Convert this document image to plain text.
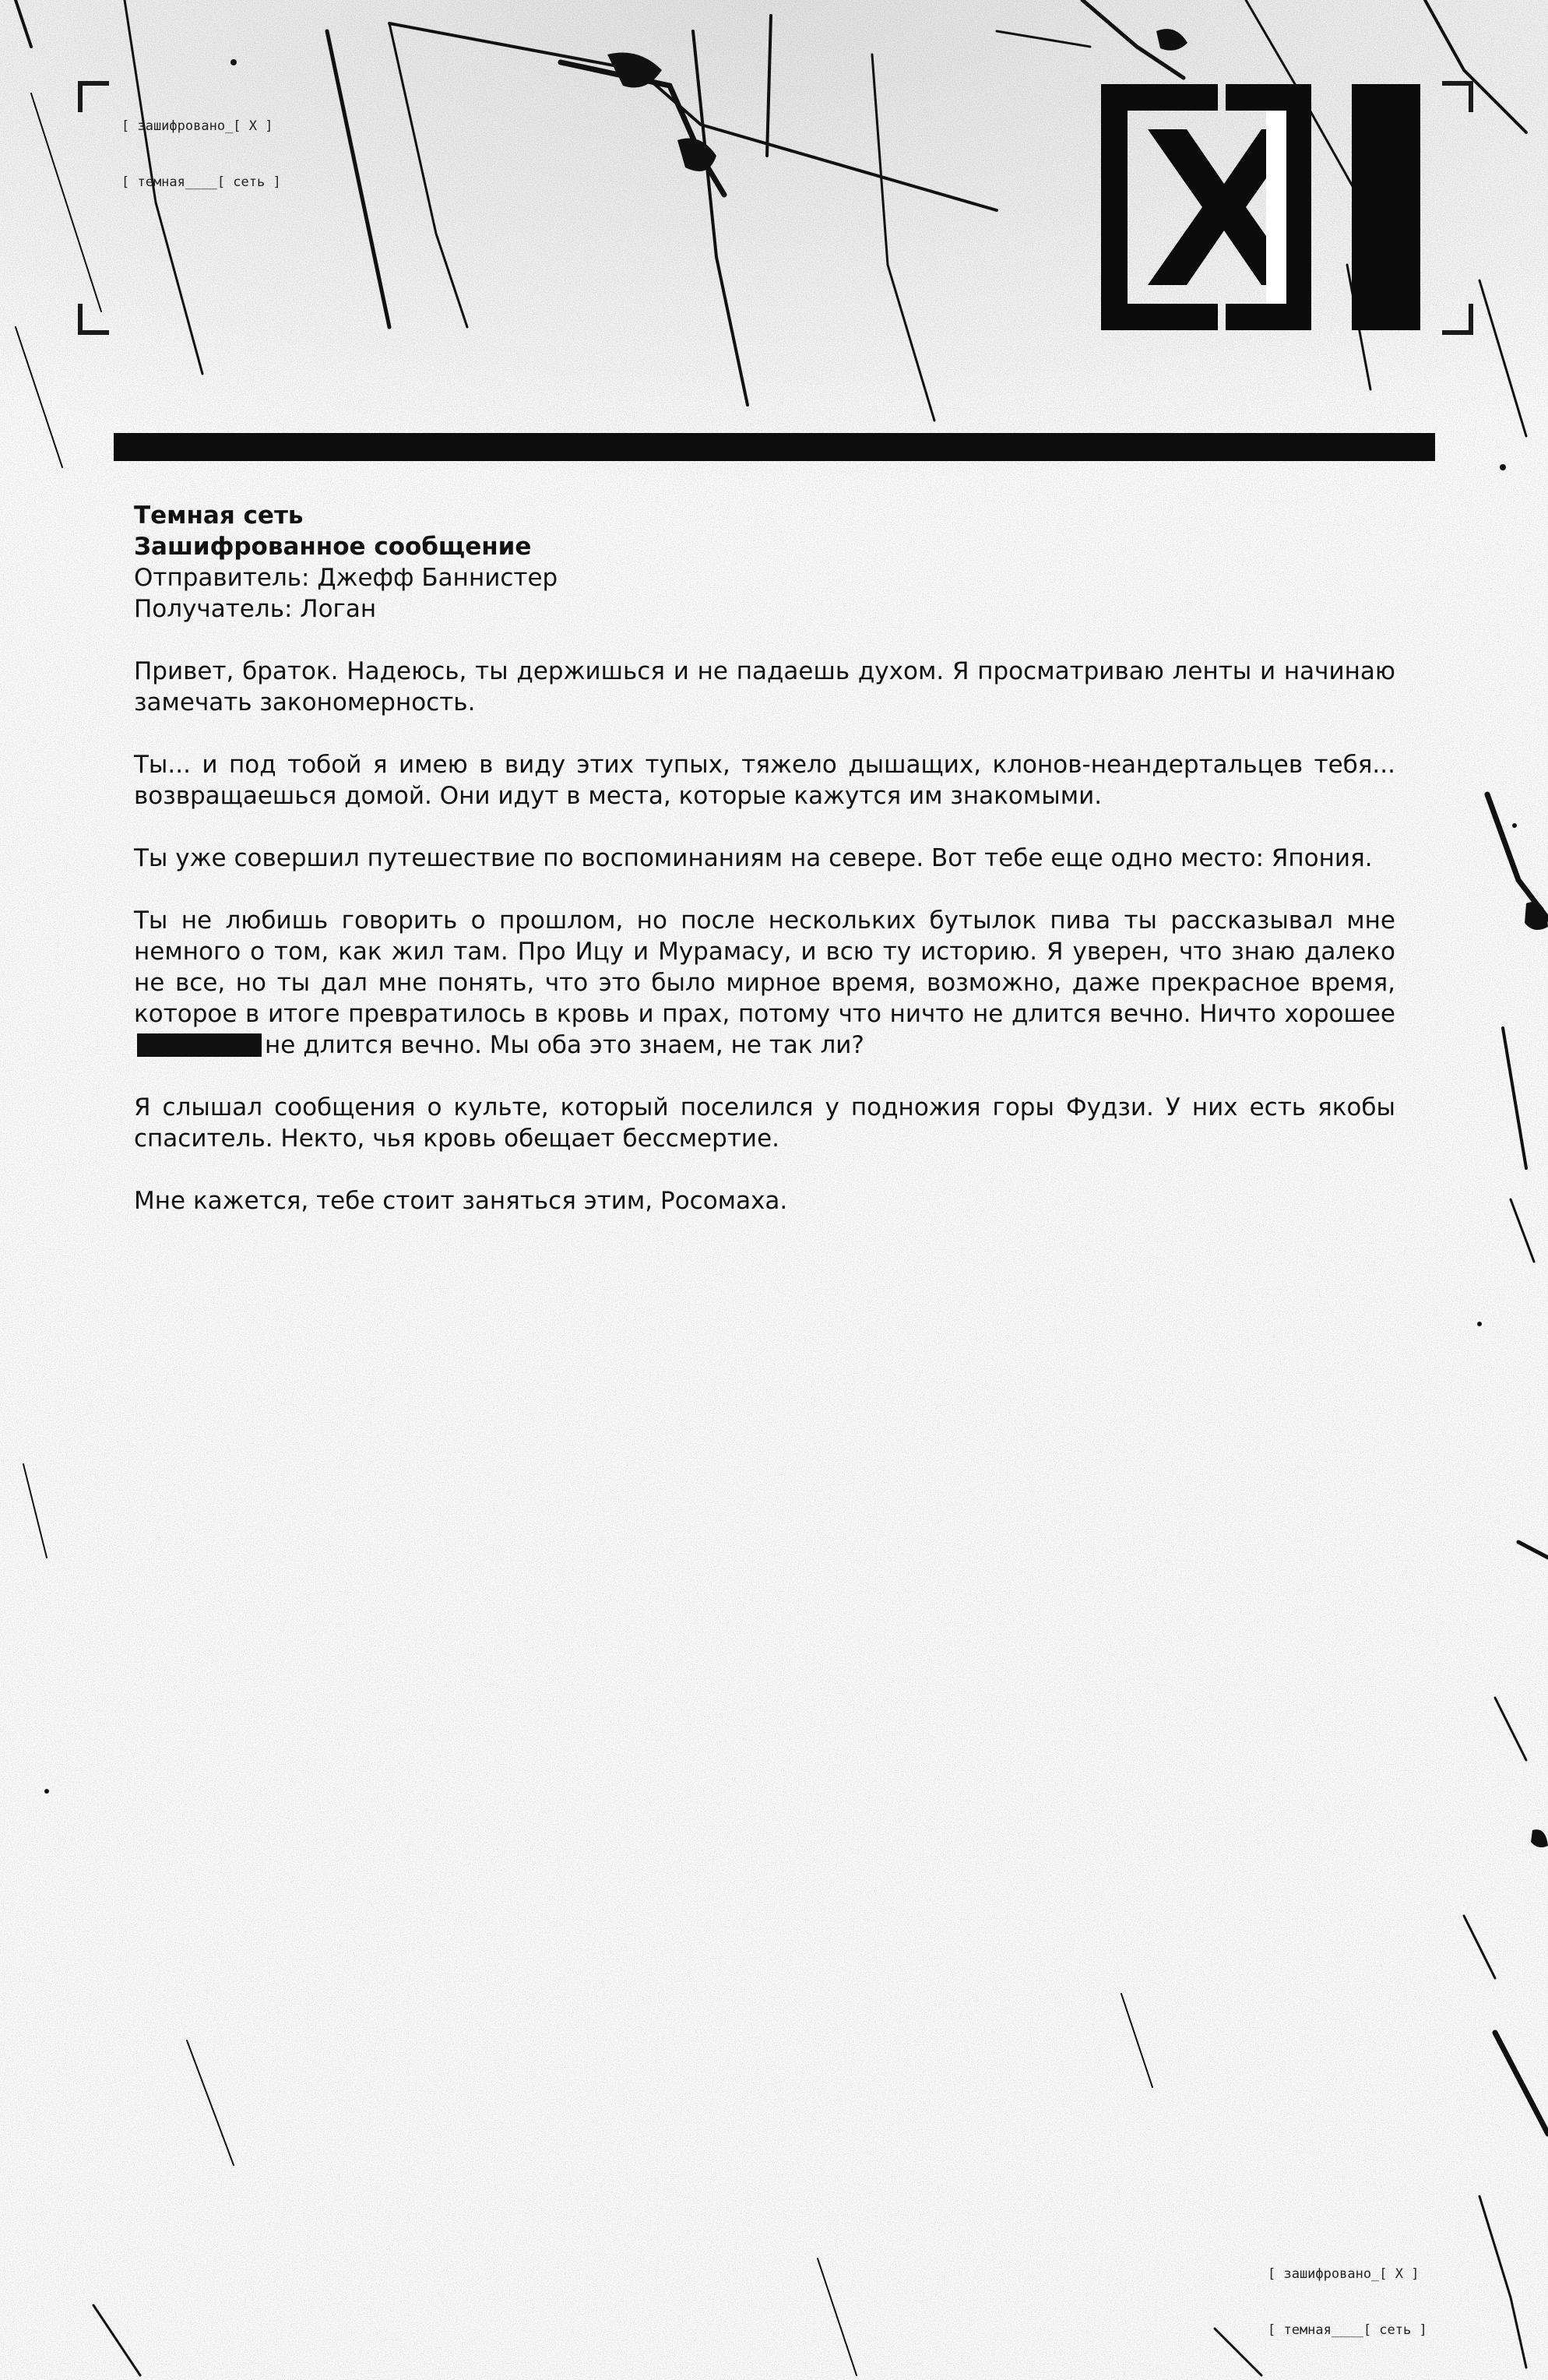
[ зашифровано_[ X ]

[ темная____[ сеть ]

Темная сеть
Зашифрованное сообщение
Отправитель: Джефф Баннистер
Получатель: Логан

Привет, браток. Надеюсь, ты держишься и не падаешь духом. Я просматриваю ленты и начинаю замечать закономерность.

Ты... и под тобой я имею в виду этих тупых, тяжело дышащих, клонов-неандертальцев тебя... возвращаешься домой. Они идут в места, которые кажутся им знакомыми.

Ты уже совершил путешествие по воспоминаниям на севере. Вот тебе еще одно место: Япония.

Ты не любишь говорить о прошлом, но после нескольких бутылок пива ты рассказывал мне немного о том, как жил там. Про Ицу и Мурамасу, и всю ту историю. Я уверен, что знаю далеко не все, но ты дал мне понять, что это было мирное время, возможно, даже прекрасное время, которое в итоге превратилось в кровь и прах, потому что ничто не длится вечно. Ничто хорошеене длится вечно. Мы оба это знаем, не так ли?

Я слышал сообщения о культе, который поселился у подножия горы Фудзи. У них есть якобы спаситель. Некто, чья кровь обещает бессмертие.

Мне кажется, тебе стоит заняться этим, Росомаха.

[ зашифровано_[ X ]

[ темная____[ сеть ]
